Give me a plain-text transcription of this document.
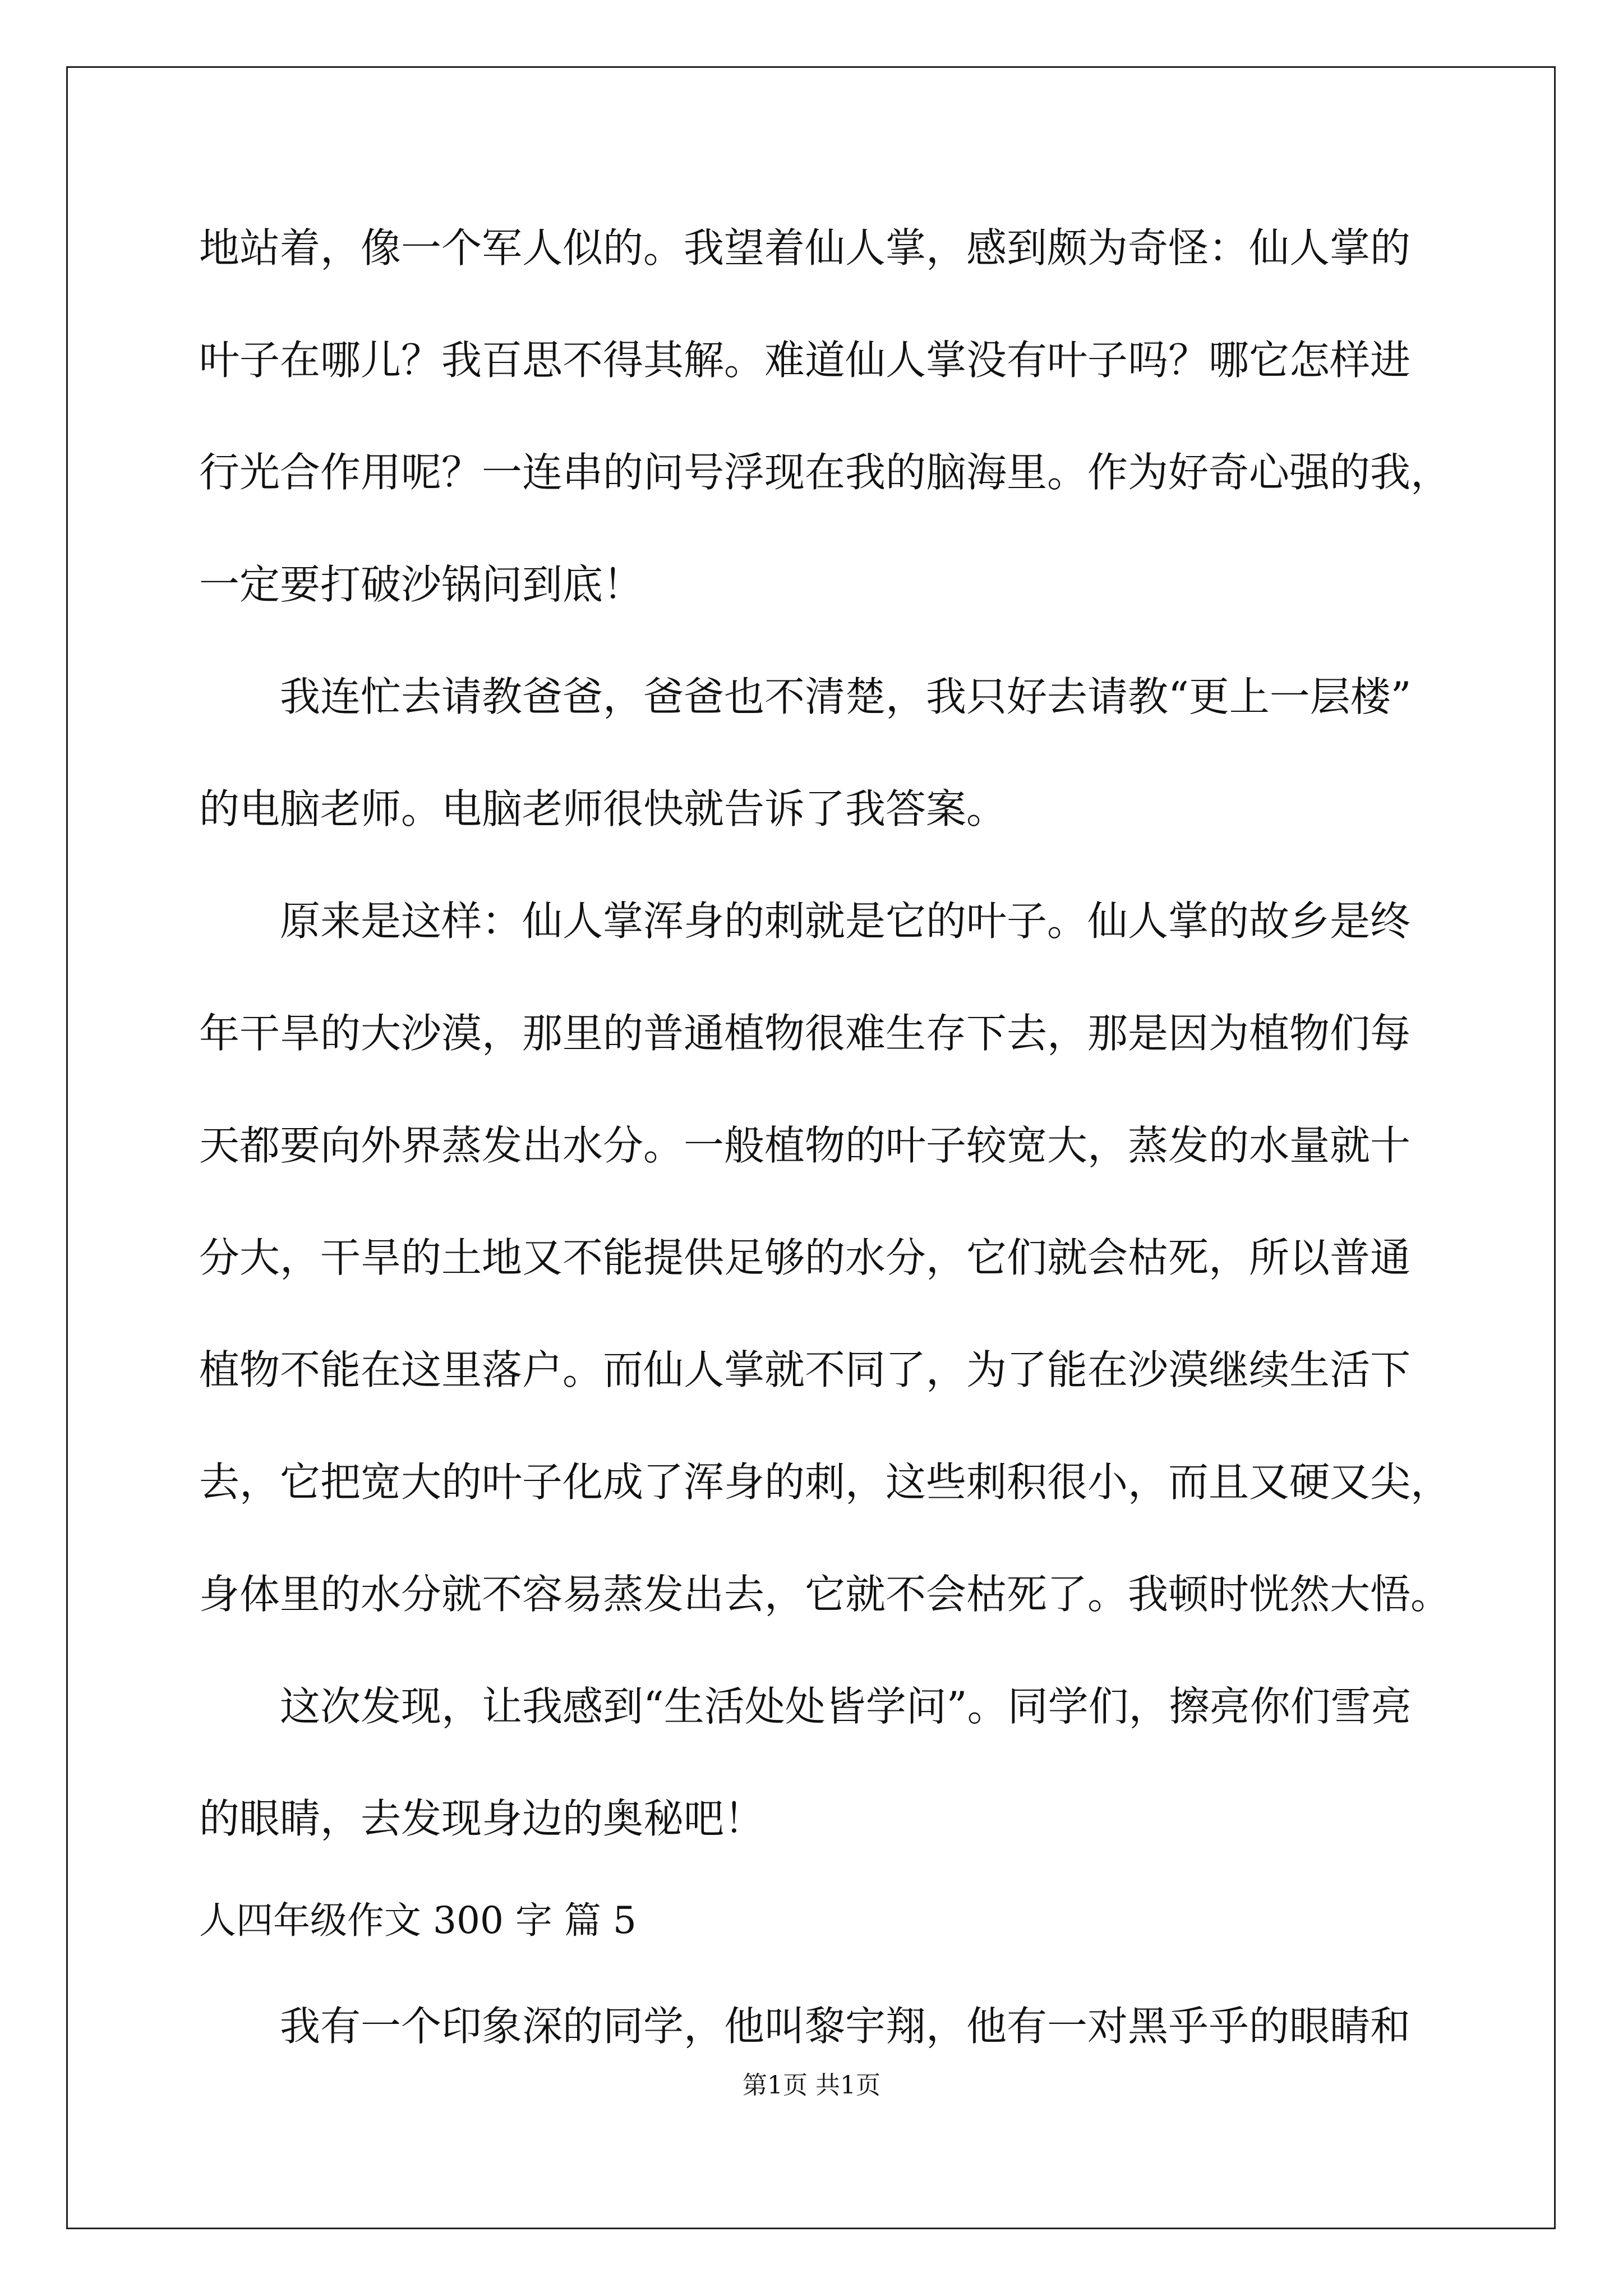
地站着，像一个军人似的。我望着仙人掌，感到颇为奇怪：仙人掌的
叶子在哪儿？我百思不得其解。难道仙人掌没有叶子吗？哪它怎样进
行光合作用呢？一连串的问号浮现在我的脑海里。作为好奇心强的我，
一定要打破沙锅问到底！
　　我连忙去请教爸爸，爸爸也不清楚，我只好去请教“更上一层楼”
的电脑老师。电脑老师很快就告诉了我答案。
　　原来是这样：仙人掌浑身的刺就是它的叶子。仙人掌的故乡是终
年干旱的大沙漠，那里的普通植物很难生存下去，那是因为植物们每
天都要向外界蒸发出水分。一般植物的叶子较宽大，蒸发的水量就十
分大，干旱的土地又不能提供足够的水分，它们就会枯死，所以普通
植物不能在这里落户。而仙人掌就不同了，为了能在沙漠继续生活下
去，它把宽大的叶子化成了浑身的刺，这些刺积很小，而且又硬又尖，
身体里的水分就不容易蒸发出去，它就不会枯死了。我顿时恍然大悟。
　　这次发现，让我感到“生活处处皆学问”。同学们，擦亮你们雪亮
的眼睛，去发现身边的奥秘吧！
人四年级作文 300 字 篇 5
　　我有一个印象深的同学，他叫黎宇翔，他有一对黑乎乎的眼睛和
第1页 共1页
